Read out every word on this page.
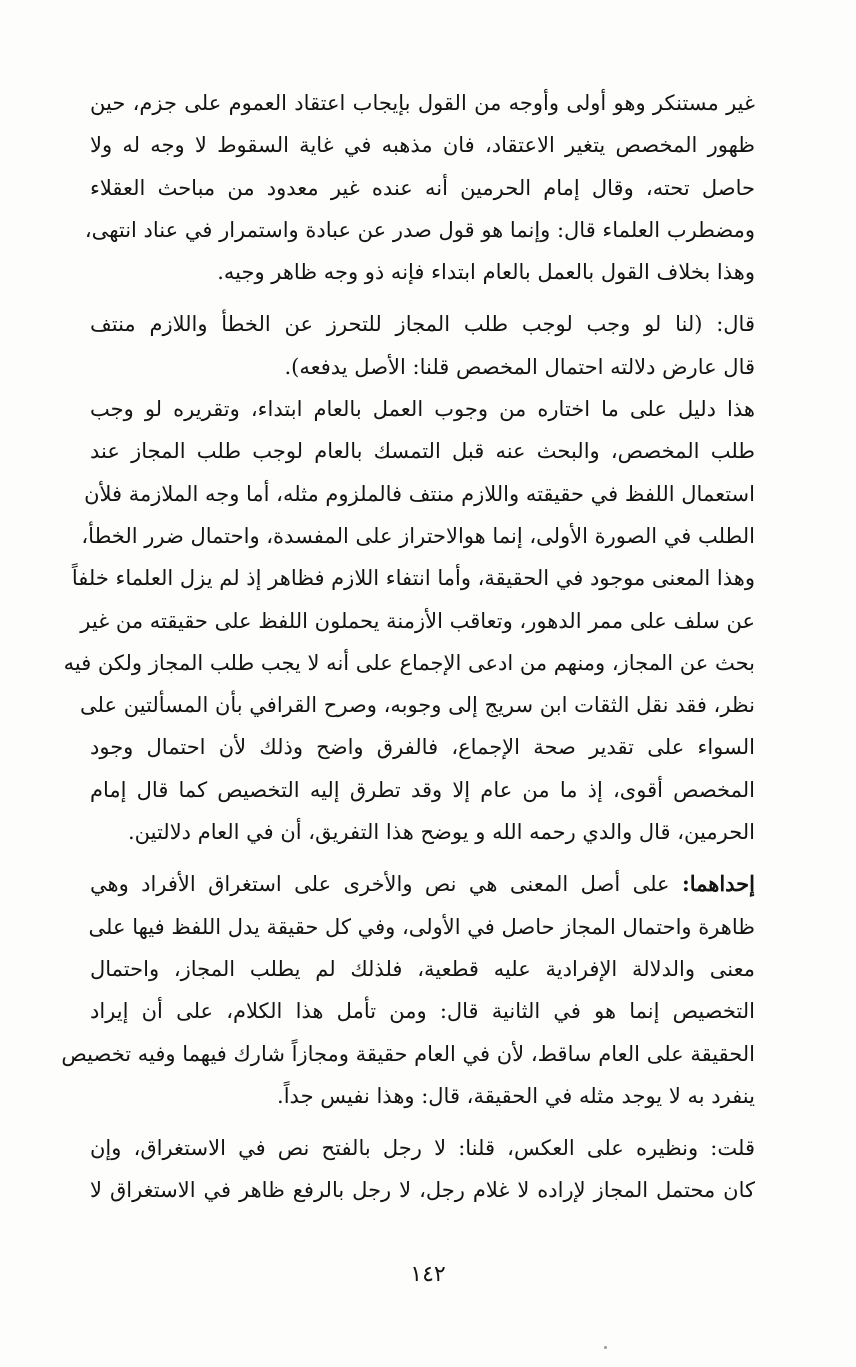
غير مستنكر وهو أولى وأوجه من القول بإيجاب اعتقاد العموم على جزم، حين
ظهور المخصص يتغير الاعتقاد، فان مذهبه في غاية السقوط لا وجه له ولا
حاصل تحته، وقال إمام الحرمين أنه عنده غير معدود من مباحث العقلاء
ومضطرب العلماء قال: وإنما هو قول صدر عن عبادة واستمرار في عناد انتهى،
وهذا بخلاف القول بالعمل بالعام ابتداء فإنه ذو وجه ظاهر وجيه.

قال: (لنا لو وجب لوجب طلب المجاز للتحرز عن الخطأ واللازم منتف
قال عارض دلالته احتمال المخصص قلنا: الأصل يدفعه).

هذا دليل على ما اختاره من وجوب العمل بالعام ابتداء، وتقريره لو وجب
طلب المخصص، والبحث عنه قبل التمسك بالعام لوجب طلب المجاز عند
استعمال اللفظ في حقيقته واللازم منتف فالملزوم مثله، أما وجه الملازمة فلأن
الطلب في الصورة الأولى، إنما هوالاحتراز على المفسدة، واحتمال ضرر الخطأ،
وهذا المعنى موجود في الحقيقة، وأما انتفاء اللازم فظاهر إذ لم يزل العلماء خلفاً
عن سلف على ممر الدهور، وتعاقب الأزمنة يحملون اللفظ على حقيقته من غير
بحث عن المجاز، ومنهم من ادعى الإجماع على أنه لا يجب طلب المجاز ولكن فيه
نظر، فقد نقل الثقات ابن سريج إلى وجوبه، وصرح القرافي بأن المسألتين على
السواء على تقدير صحة الإجماع، فالفرق واضح وذلك لأن احتمال وجود
المخصص أقوى، إذ ما من عام إلا وقد تطرق إليه التخصيص كما قال إمام
الحرمين، قال والدي رحمه الله و يوضح هذا التفريق، أن في العام دلالتين.

إحداهما: على أصل المعنى هي نص والأخرى على استغراق الأفراد وهي
ظاهرة واحتمال المجاز حاصل في الأولى، وفي كل حقيقة يدل اللفظ فيها على
معنى والدلالة الإفرادية عليه قطعية، فلذلك لم يطلب المجاز، واحتمال
التخصيص إنما هو في الثانية قال: ومن تأمل هذا الكلام، على أن إيراد
الحقيقة على العام ساقط، لأن في العام حقيقة ومجازاً شارك فيهما وفيه تخصيص
ينفرد به لا يوجد مثله في الحقيقة، قال: وهذا نفيس جداً.

قلت: ونظيره على العكس، قلنا: لا رجل بالفتح نص في الاستغراق، وإن
كان محتمل المجاز لإراده لا غلام رجل، لا رجل بالرفع ظاهر في الاستغراق لا

١٤٢
